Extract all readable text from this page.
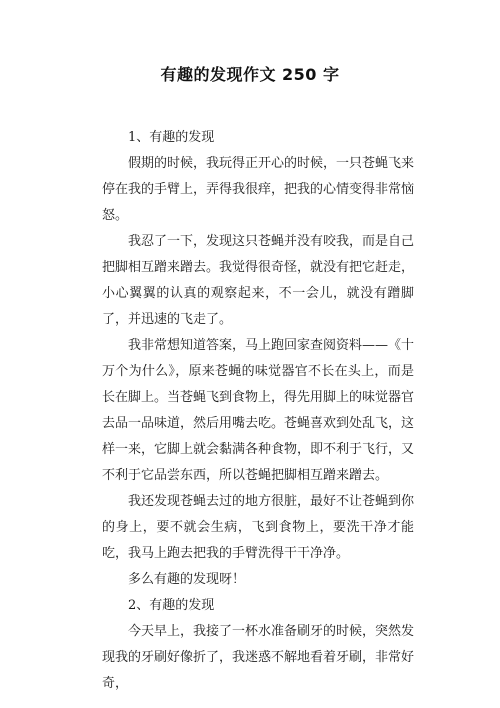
有趣的发现作文 250 字

1、有趣的发现

假期的时候，我玩得正开心的时候，一只苍蝇飞来停在我的手臂上，弄得我很痒，把我的心情变得非常恼怒。

我忍了一下，发现这只苍蝇并没有咬我，而是自己把脚相互蹭来蹭去。我觉得很奇怪，就没有把它赶走，小心翼翼的认真的观察起来，不一会儿，就没有蹭脚了，并迅速的飞走了。

我非常想知道答案，马上跑回家查阅资料——《十万个为什么》，原来苍蝇的味觉器官不长在头上，而是长在脚上。当苍蝇飞到食物上，得先用脚上的味觉器官去品一品味道，然后用嘴去吃。苍蝇喜欢到处乱飞，这样一来，它脚上就会黏满各种食物，即不利于飞行，又不利于它品尝东西，所以苍蝇把脚相互蹭来蹭去。

我还发现苍蝇去过的地方很脏，最好不让苍蝇到你的身上，要不就会生病，飞到食物上，要洗干净才能吃，我马上跑去把我的手臂洗得干干净净。

多么有趣的发现呀！

2、有趣的发现

今天早上，我接了一杯水准备刷牙的时候，突然发现我的牙刷好像折了，我迷惑不解地看着牙刷，非常好奇，
